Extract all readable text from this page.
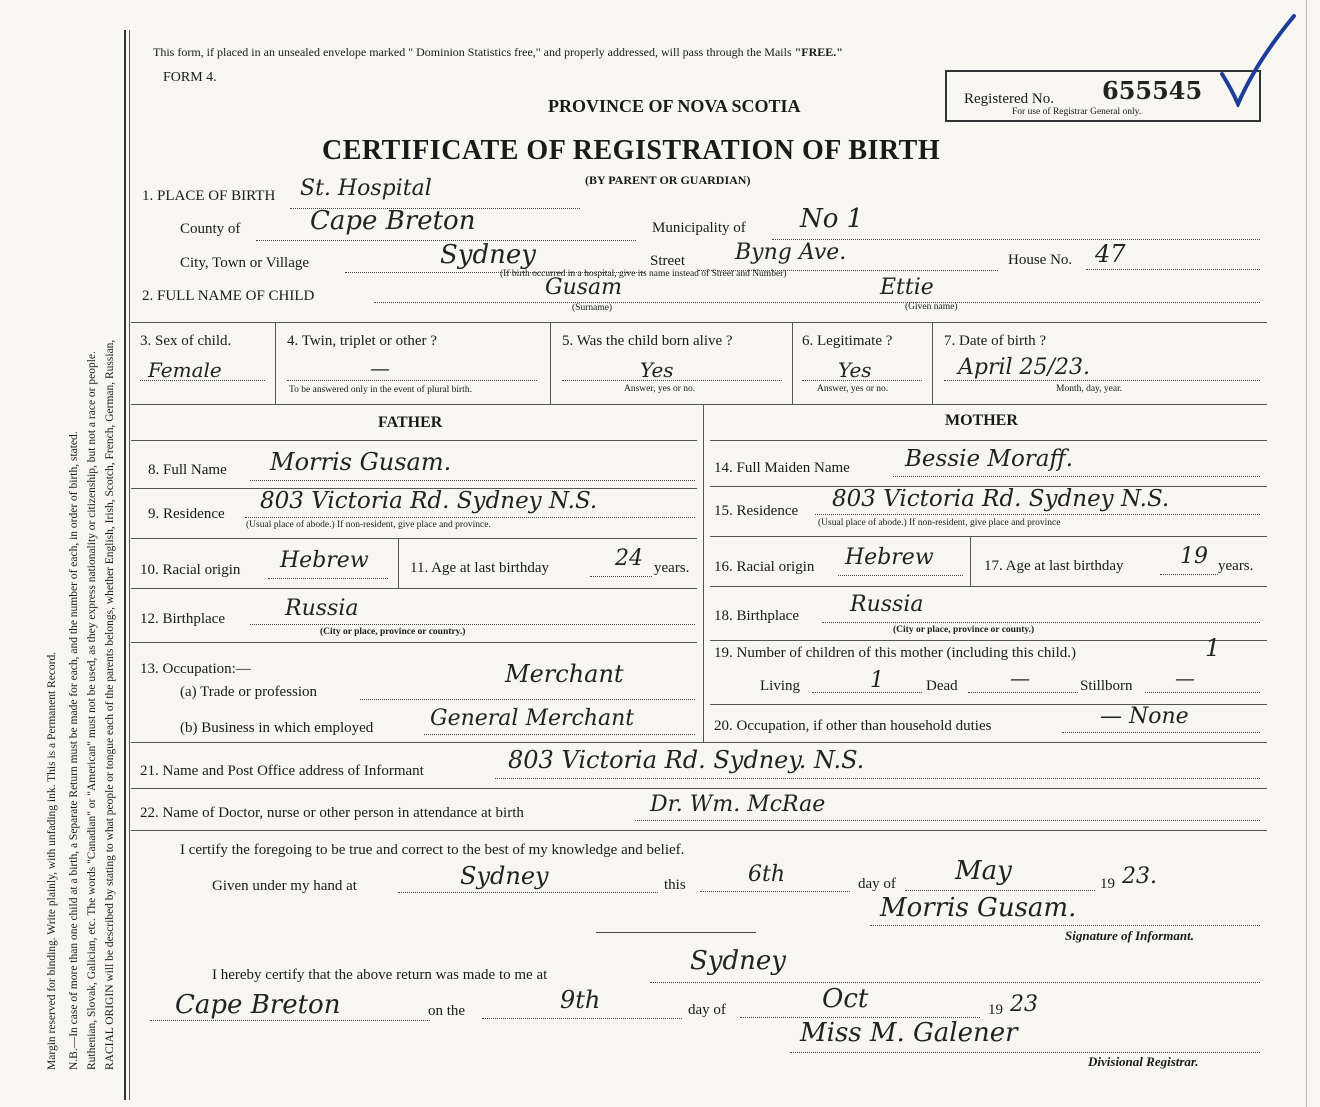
RACIAL ORIGIN will be described by stating to what people or tongue each of the parents belongs, whether English, Irish, Scotch, French, German, Russian,
Ruthenian, Slovak, Galician, etc. The words "Canadian" or "American" must not be used, as they express nationality or citizenship, but not a race or people.
N.B.—In case of more than one child at a birth, a Separate Return must be made for each, and the number of each, in order of birth, stated.
Margin reserved for binding. Write plainly, with unfading ink. This is a Permanent Record.
This form, if placed in an unsealed envelope marked " Dominion Statistics free," and properly addressed, will pass through the Mails "FREE."
FORM 4.
PROVINCE OF NOVA SCOTIA
CERTIFICATE OF REGISTRATION OF BIRTH
(BY PARENT OR GUARDIAN)
Registered No. 655545
For use of Registrar General only.
1. PLACE OF BIRTH St. Hospital
County of	Cape Breton	Municipality of No 1
City, Town or Village	Sydney	Street Byng Ave.	House No. 47
(If birth occurred in a hospital, give its name instead of Street and Number)
2. FULL NAME OF CHILD	Gusam	Ettie
(Surname)	(Given name)
3. Sex of child.
Female
4. Twin, triplet or other ?
—
To be answered only in the event of plural birth.
5. Was the child born alive ?
Yes
Answer, yes or no.
6. Legitimate ?
Yes
Answer, yes or no.
7. Date of birth ?
April 25/23.
Month, day, year.
FATHER	MOTHER
8. Full Name Morris Gusam.
9. Residence 803 Victoria Rd. Sydney N.S.
(Usual place of abode.) If non-resident, give place and province.
10. Racial origin Hebrew	11. Age at last birthday	24 years.
12. Birthplace	Russia
(City or place, province or country.)
13. Occupation:—
(a) Trade or profession
Merchant
(b) Business in which employed	General Merchant
14. Full Maiden Name Bessie Moraff.
15. Residence 803 Victoria Rd. Sydney N.S.
(Usual place of abode.) If non-resident, give place and province
16. Racial origin Hebrew	17. Age at last birthday	19 years.
18. Birthplace Russia
(City or place, province or county.)
19. Number of children of this mother (including this child.)	1
Living	1	Dead	—	Stillborn —
20. Occupation, if other than household duties	— None
21. Name and Post Office address of Informant	803 Victoria Rd. Sydney. N.S.
22. Name of Doctor, nurse or other person in attendance at birth	Dr. Wm. McRae
I certify the foregoing to be true and correct to the best of my knowledge and belief.
Given under my hand at	Sydney	this	6th	day of May	19 23.
Morris Gusam.
Signature of Informant.
I hereby certify that the above return was made to me at	Sydney
Cape Breton	on the	9th	day of	Oct	19 23
Miss M. Galener
Divisional Registrar.
